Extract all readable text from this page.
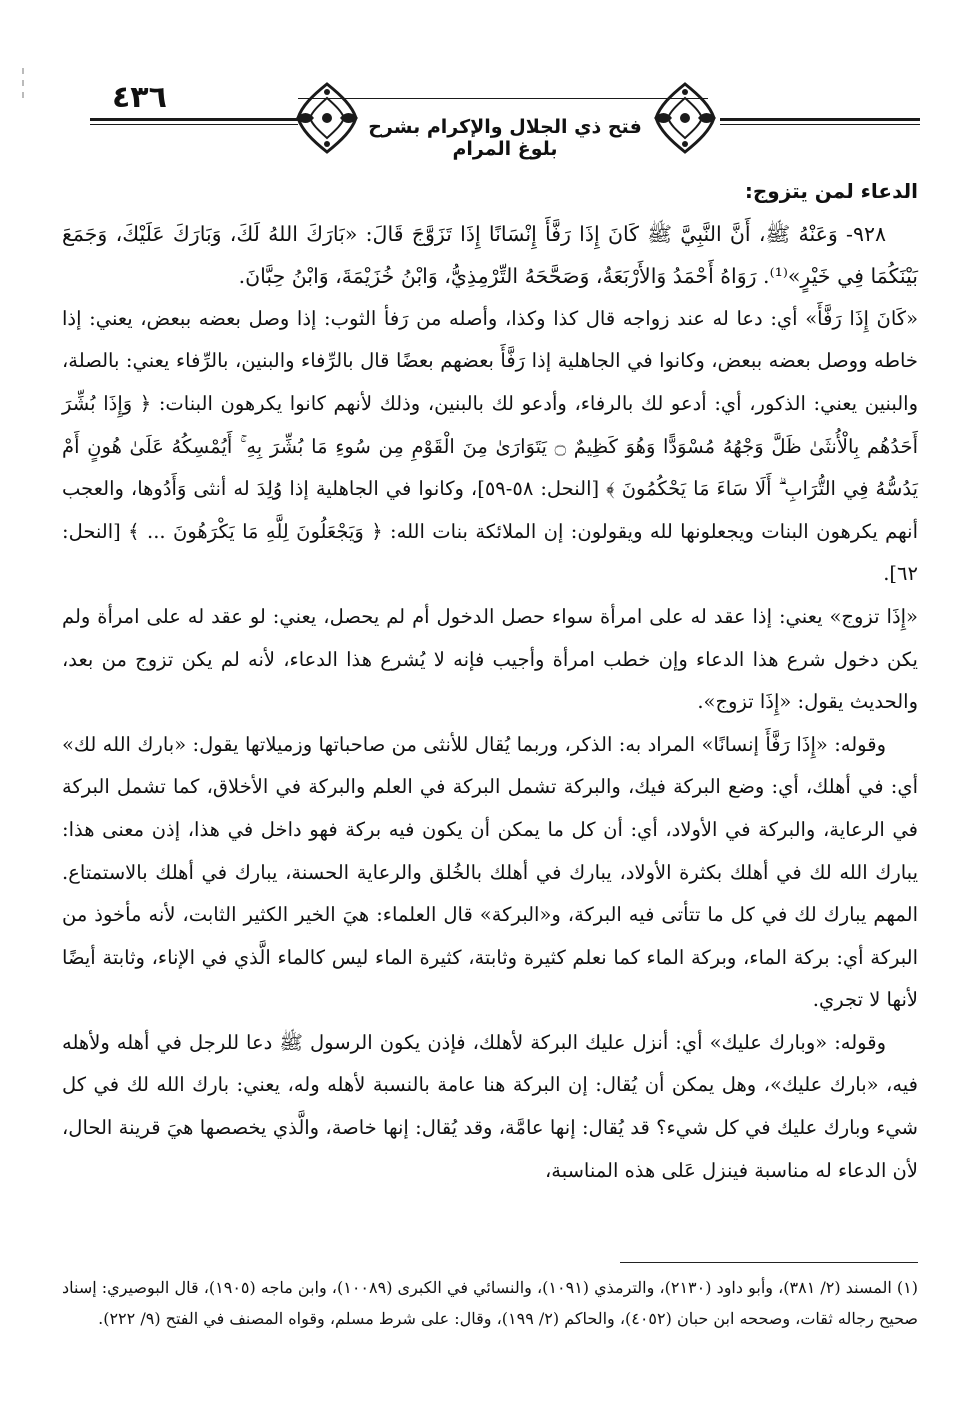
٤٣٦
فتح ذي الجلال والإكرام بشرح بلوغ المرام

الدعاء لمن يتزوج:

٩٢٨- وَعَنْهُ ﷺ، أَنَّ النَّبِيَّ ﷺ كَانَ إِذَا رَفَّأَ إِنْسَانًا إِذَا تَزَوَّجَ قَالَ: «بَارَكَ اللهُ لَكَ، وَبَارَكَ عَلَيْكَ، وَجَمَعَ بَيْنَكُمَا فِي خَيْرٍ»⁽¹⁾. رَوَاهُ أَحْمَدُ وَالأَرْبَعَةُ، وَصَحَّحَهُ التِّرْمِذِيُّ، وَابْنُ خُزَيْمَةَ، وَابْنُ حِبَّانَ.

«كَانَ إِذَا رَفَّأَ» أي: دعا له عند زواجه قال كذا وكذا، وأصله من رَفأ الثوب: إذا وصل بعضه ببعض، يعني: إذا خاطه ووصل بعضه ببعض، وكانوا في الجاهلية إذا رَفَّأَ بعضهم بعضًا قال بالرِّفاء والبنين، بالرِّفاء يعني: بالصلة، والبنين يعني: الذكور، أي: أدعو لك بالرفاء، وأدعو لك بالبنين، وذلك لأنهم كانوا يكرهون البنات: ﴿ وَإِذَا بُشِّرَ أَحَدُهُم بِالْأُنثَىٰ ظَلَّ وَجْهُهُ مُسْوَدًّا وَهُوَ كَظِيمٌ ۝ يَتَوَارَىٰ مِنَ الْقَوْمِ مِن سُوءِ مَا بُشِّرَ بِهِ ۚ أَيُمْسِكُهُ عَلَىٰ هُونٍ أَمْ يَدُسُّهُ فِي التُّرَابِ ۗ أَلَا سَاءَ مَا يَحْكُمُونَ ﴾ [النحل: ٥٨-٥٩]، وكانوا في الجاهلية إذا وُلِدَ له أنثى وَأَدُوها، والعجب أنهم يكرهون البنات ويجعلونها لله ويقولون: إن الملائكة بنات الله: ﴿ وَيَجْعَلُونَ لِلَّهِ مَا يَكْرَهُونَ ... ﴾ [النحل: ٦٢].

«إِذَا تزوج» يعني: إذا عقد له على امرأة سواء حصل الدخول أم لم يحصل، يعني: لو عقد له على امرأة ولم يكن دخول شرع هذا الدعاء وإن خطب امرأة وأجيب فإنه لا يُشرع هذا الدعاء، لأنه لم يكن تزوج من بعد، والحديث يقول: «إِذَا تزوج».

وقوله: «إِذَا رَفَّأَ إنسانًا» المراد به: الذكر، وربما يُقال للأنثى من صاحباتها وزميلاتها يقول: «بارك الله لك» أي: في أهلك، أي: وضع البركة فيك، والبركة تشمل البركة في العلم والبركة في الأخلاق، كما تشمل البركة في الرعاية، والبركة في الأولاد، أي: أن كل ما يمكن أن يكون فيه بركة فهو داخل في هذا، إذن معنى هذا: يبارك الله لك في أهلك بكثرة الأولاد، يبارك في أهلك بالخُلق والرعاية الحسنة، يبارك في أهلك بالاستمتاع. المهم يبارك لك في كل ما تتأتى فيه البركة، و«البركة» قال العلماء: هيَ الخير الكثير الثابت، لأنه مأخوذ من البركة أي: بركة الماء، وبركة الماء كما نعلم كثيرة وثابتة، كثيرة الماء ليس كالماء الَّذي في الإناء، وثابتة أيضًا لأنها لا تجري.

وقوله: «وبارك عليك» أي: أنزل عليك البركة لأهلك، فإذن يكون الرسول ﷺ دعا للرجل في أهله ولأهله فيه، «بارك عليك»، وهل يمكن أن يُقال: إن البركة هنا عامة بالنسبة لأهله وله، يعني: بارك الله لك في كل شيء وبارك عليك في كل شيء؟ قد يُقال: إنها عامَّة، وقد يُقال: إنها خاصة، والَّذي يخصصها هيَ قرينة الحال، لأن الدعاء له مناسبة فينزل عَلى هذه المناسبة،

(١) المسند (٢/ ٣٨١)، وأبو داود (٢١٣٠)، والترمذي (١٠٩١)، والنسائي في الكبرى (١٠٠٨٩)، وابن ماجه (١٩٠٥)، قال البوصيري: إسناد صحيح رجاله ثقات، وصححه ابن حبان (٤٠٥٢)، والحاكم (٢/ ١٩٩)، وقال: على شرط مسلم، وقواه المصنف في الفتح (٩/ ٢٢٢).
